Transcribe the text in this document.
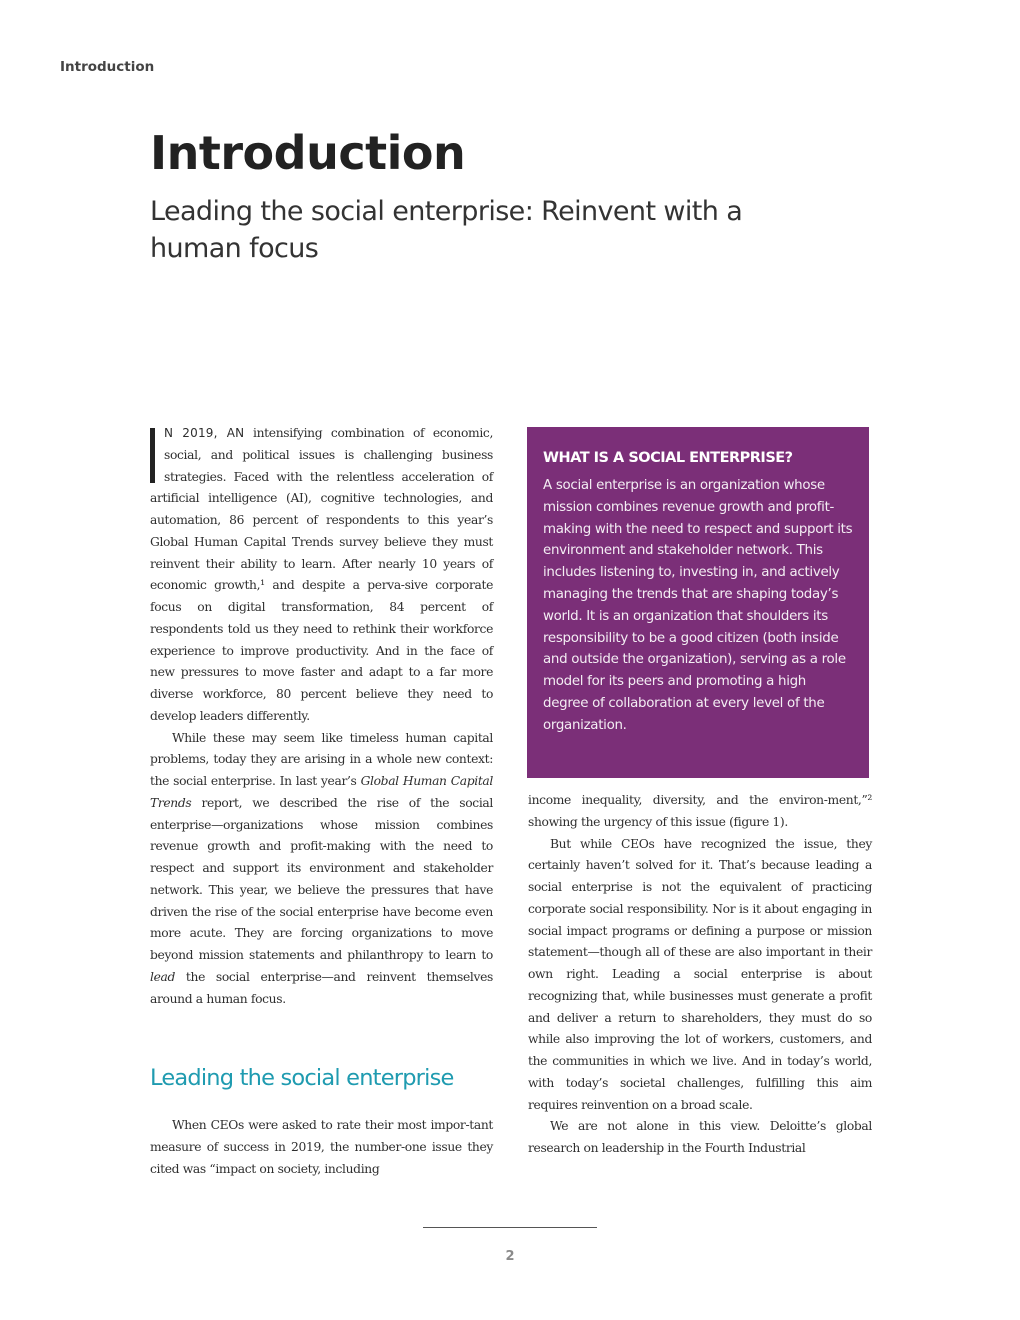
Introduction
Introduction
Leading the social enterprise: Reinvent with a human focus

N 2019, AN intensifying combination of economic, social, and political issues is challenging business strategies. Faced with the relentless acceleration of artificial intelligence (AI), cognitive technologies, and automation, 86 percent of respondents to this year’s Global Human Capital Trends survey believe they must reinvent their ability to learn. After nearly 10 years of economic growth,¹ and despite a perva-sive corporate focus on digital transformation, 84 percent of respondents told us they need to rethink their workforce experience to improve productivity. And in the face of new pressures to move faster and adapt to a far more diverse workforce, 80 percent believe they need to develop leaders differently.

While these may seem like timeless human capital problems, today they are arising in a whole new context: the social enterprise. In last year’s Global Human Capital Trends report, we described the rise of the social enterprise—organizations whose mission combines revenue growth and profit-making with the need to respect and support its environment and stakeholder network. This year, we believe the pressures that have driven the rise of the social enterprise have become even more acute. They are forcing organizations to move beyond mission statements and philanthropy to learn to lead the social enterprise—and reinvent themselves around a human focus.

Leading the social enterprise

When CEOs were asked to rate their most impor-tant measure of success in 2019, the number-one issue they cited was “impact on society, including

WHAT IS A SOCIAL ENTERPRISE?

A social enterprise is an organization whose mission combines revenue growth and profit-making with the need to respect and support its environment and stakeholder network. This includes listening to, investing in, and actively managing the trends that are shaping today’s world. It is an organization that shoulders its responsibility to be a good citizen (both inside and outside the organization), serving as a role model for its peers and promoting a high degree of collaboration at every level of the organization.

income inequality, diversity, and the environ-ment,”² showing the urgency of this issue (figure 1).

But while CEOs have recognized the issue, they certainly haven’t solved for it. That’s because leading a social enterprise is not the equivalent of practicing corporate social responsibility. Nor is it about engaging in social impact programs or defining a purpose or mission statement—though all of these are also important in their own right. Leading a social enterprise is about recognizing that, while businesses must generate a profit and deliver a return to shareholders, they must do so while also improving the lot of workers, customers, and the communities in which we live. And in today’s world, with today’s societal challenges, fulfilling this aim requires reinvention on a broad scale.

We are not alone in this view. Deloitte’s global research on leadership in the Fourth Industrial

2
